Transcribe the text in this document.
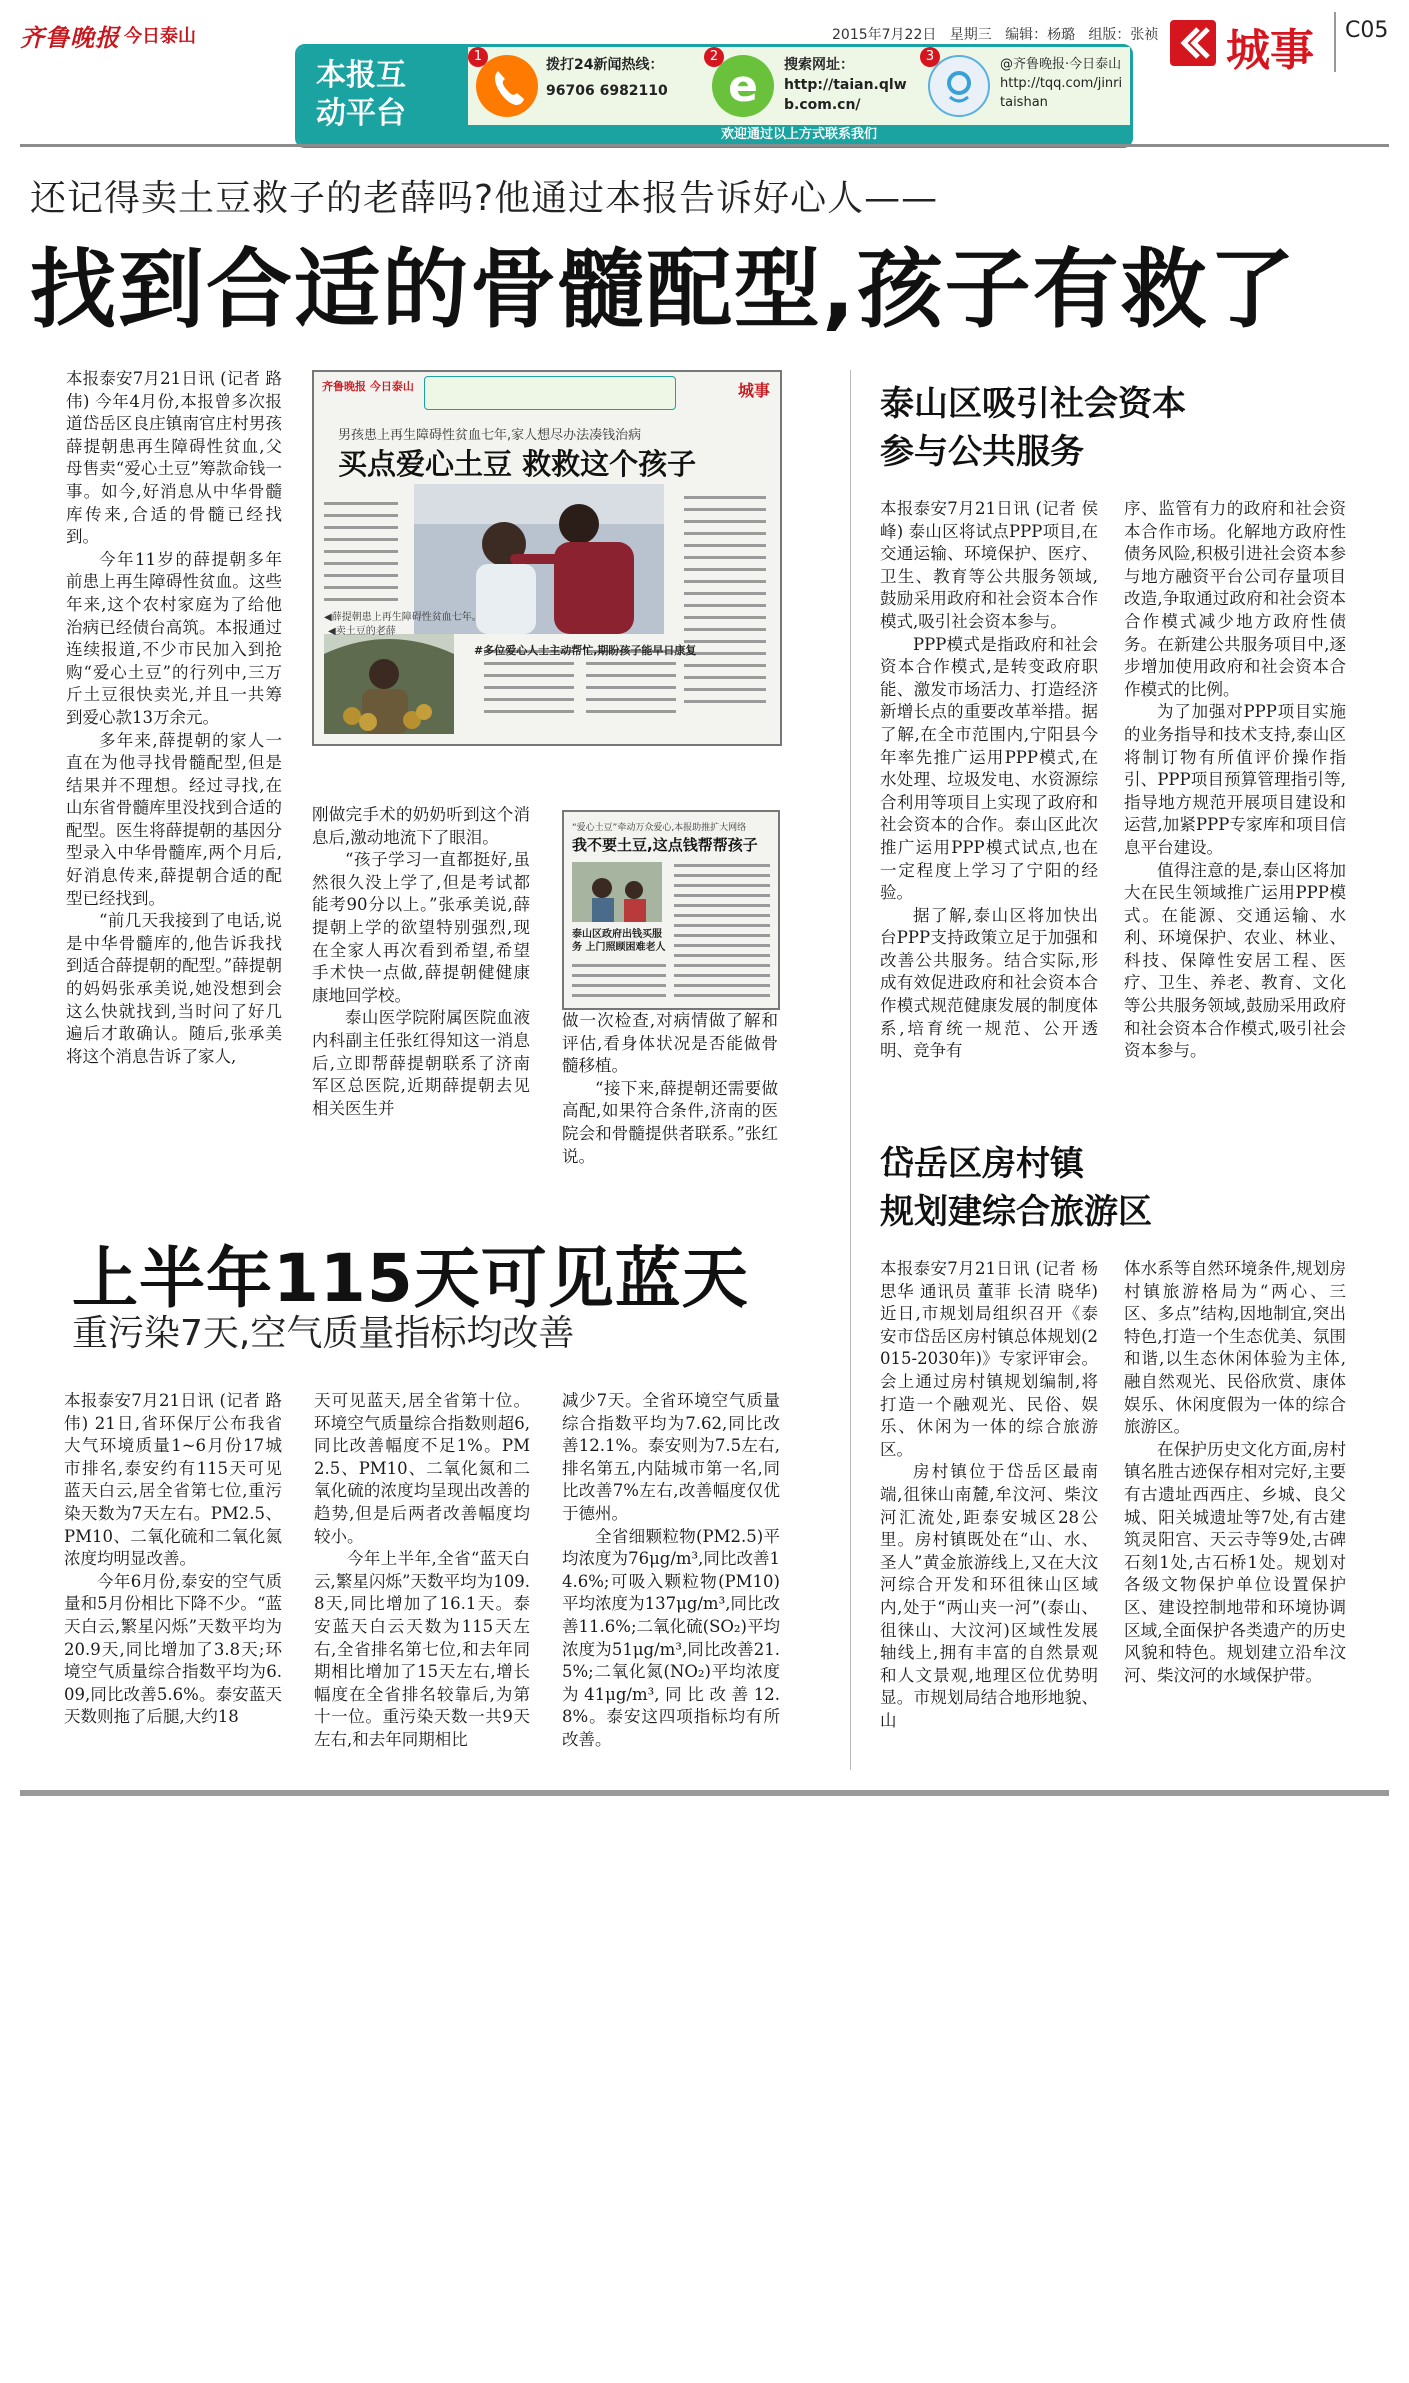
齐鲁晚报 今日泰山	2015年7月22日 星期三 编辑：杨璐 组版：张祯 城事 C05
本报互
动平台
1
拨打24新闻热线：
96706 6982110 e
2
搜索网址：
http://taian.qlwb.com.cn/
3
@齐鲁晚报·今日泰山
http://tqq.com/jinritaishan
欢迎通过以上方式联系我们
还记得卖土豆救子的老薛吗?他通过本报告诉好心人——
找到合适的骨髓配型,孩子有救了

本报泰安7月21日讯 (记者 路伟) 今年4月份,本报曾多次报道岱岳区良庄镇南官庄村男孩薛提朝患再生障碍性贫血,父母售卖“爱心土豆”筹款命钱一事。如今,好消息从中华骨髓库传来,合适的骨髓已经找到。

今年11岁的薛提朝多年前患上再生障碍性贫血。这些年来,这个农村家庭为了给他治病已经债台高筑。本报通过连续报道,不少市民加入到抢购“爱心土豆”的行列中,三万斤土豆很快卖光,并且一共筹到爱心款13万余元。

多年来,薛提朝的家人一直在为他寻找骨髓配型,但是结果并不理想。经过寻找,在山东省骨髓库里没找到合适的配型。医生将薛提朝的基因分型录入中华骨髓库,两个月后,好消息传来,薛提朝合适的配型已经找到。

“前几天我接到了电话,说是中华骨髓库的,他告诉我找到适合薛提朝的配型。”薛提朝的妈妈张承美说,她没想到会这么快就找到,当时问了好几遍后才敢确认。随后,张承美将这个消息告诉了家人,

齐鲁晚报 今日泰山	城事
男孩患上再生障碍性贫血七年,家人想尽办法凑钱治病
买点爱心土豆 救救这个孩子
◀薛提朝患上再生障碍性贫血七年。
◀卖土豆的老薛
#多位爱心人士主动帮忙,期盼孩子能早日康复

刚做完手术的奶奶听到这个消息后,激动地流下了眼泪。

“孩子学习一直都挺好,虽然很久没上学了,但是考试都能考90分以上。”张承美说,薛提朝上学的欲望特别强烈,现在全家人再次看到希望,希望手术快一点做,薛提朝健健康康地回学校。

泰山医学院附属医院血液内科副主任张红得知这一消息后,立即帮薛提朝联系了济南军区总医院,近期薛提朝去见相关医生并

“爱心土豆”牵动万众爱心,本报助推扩大网络
我不要土豆,这点钱帮帮孩子
泰山区政府出钱买服务 上门照顾困难老人

做一次检查,对病情做了解和评估,看身体状况是否能做骨髓移植。

“接下来,薛提朝还需要做高配,如果符合条件,济南的医院会和骨髓提供者联系。”张红说。

上半年115天可见蓝天
重污染7天,空气质量指标均改善

本报泰安7月21日讯 (记者 路伟) 21日,省环保厅公布我省大气环境质量1~6月份17城市排名,泰安约有115天可见蓝天白云,居全省第七位,重污染天数为7天左右。PM2.5、PM10、二氧化硫和二氧化氮浓度均明显改善。

今年6月份,泰安的空气质量和5月份相比下降不少。“蓝天白云,繁星闪烁”天数平均为20.9天,同比增加了3.8天;环境空气质量综合指数平均为6.09,同比改善5.6%。泰安蓝天天数则拖了后腿,大约18

天可见蓝天,居全省第十位。环境空气质量综合指数则超6,同比改善幅度不足1%。PM2.5、PM10、二氧化氮和二氧化硫的浓度均呈现出改善的趋势,但是后两者改善幅度均较小。

今年上半年,全省“蓝天白云,繁星闪烁”天数平均为109.8天,同比增加了16.1天。泰安蓝天白云天数为115天左右,全省排名第七位,和去年同期相比增加了15天左右,增长幅度在全省排名较靠后,为第十一位。重污染天数一共9天左右,和去年同期相比

减少7天。全省环境空气质量综合指数平均为7.62,同比改善12.1%。泰安则为7.5左右,排名第五,内陆城市第一名,同比改善7%左右,改善幅度仅优于德州。

全省细颗粒物(PM2.5)平均浓度为76μg/m³,同比改善14.6%;可吸入颗粒物(PM10)平均浓度为137μg/m³,同比改善11.6%;二氧化硫(SO₂)平均浓度为51μg/m³,同比改善21.5%;二氧化氮(NO₂)平均浓度为41μg/m³,同比改善12.8%。泰安这四项指标均有所改善。

泰山区吸引社会资本
参与公共服务

本报泰安7月21日讯 (记者 侯峰) 泰山区将试点PPP项目,在交通运输、环境保护、医疗、卫生、教育等公共服务领域,鼓励采用政府和社会资本合作模式,吸引社会资本参与。

PPP模式是指政府和社会资本合作模式,是转变政府职能、激发市场活力、打造经济新增长点的重要改革举措。据了解,在全市范围内,宁阳县今年率先推广运用PPP模式,在水处理、垃圾发电、水资源综合利用等项目上实现了政府和社会资本的合作。泰山区此次推广运用PPP模式试点,也在一定程度上学习了宁阳的经验。

据了解,泰山区将加快出台PPP支持政策立足于加强和改善公共服务。结合实际,形成有效促进政府和社会资本合作模式规范健康发展的制度体系,培育统一规范、公开透明、竞争有

序、监管有力的政府和社会资本合作市场。化解地方政府性债务风险,积极引进社会资本参与地方融资平台公司存量项目改造,争取通过政府和社会资本合作模式减少地方政府性债务。在新建公共服务项目中,逐步增加使用政府和社会资本合作模式的比例。

为了加强对PPP项目实施的业务指导和技术支持,泰山区将制订物有所值评价操作指引、PPP项目预算管理指引等,指导地方规范开展项目建设和运营,加紧PPP专家库和项目信息平台建设。

值得注意的是,泰山区将加大在民生领域推广运用PPP模式。在能源、交通运输、水利、环境保护、农业、林业、科技、保障性安居工程、医疗、卫生、养老、教育、文化等公共服务领域,鼓励采用政府和社会资本合作模式,吸引社会资本参与。

岱岳区房村镇
规划建综合旅游区

本报泰安7月21日讯 (记者 杨思华 通讯员 董菲 长清 晓华) 近日,市规划局组织召开《泰安市岱岳区房村镇总体规划(2015-2030年)》专家评审会。会上通过房村镇规划编制,将打造一个融观光、民俗、娱乐、休闲为一体的综合旅游区。

房村镇位于岱岳区最南端,徂徕山南麓,牟汶河、柴汶河汇流处,距泰安城区28公里。房村镇既处在“山、水、圣人”黄金旅游线上,又在大汶河综合开发和环徂徕山区域内,处于“两山夹一河”(泰山、徂徕山、大汶河)区域性发展轴线上,拥有丰富的自然景观和人文景观,地理区位优势明显。市规划局结合地形地貌、山

体水系等自然环境条件,规划房村镇旅游格局为“两心、三区、多点”结构,因地制宜,突出特色,打造一个生态优美、氛围和谐,以生态休闲体验为主体,融自然观光、民俗欣赏、康体娱乐、休闲度假为一体的综合旅游区。

在保护历史文化方面,房村镇名胜古迹保存相对完好,主要有古遗址西西庄、乡城、良父城、阳关城遗址等7处,有古建筑灵阳宫、天云寺等9处,古碑石刻1处,古石桥1处。规划对各级文物保护单位设置保护区、建设控制地带和环境协调区域,全面保护各类遗产的历史风貌和特色。规划建立沿牟汶河、柴汶河的水域保护带。
